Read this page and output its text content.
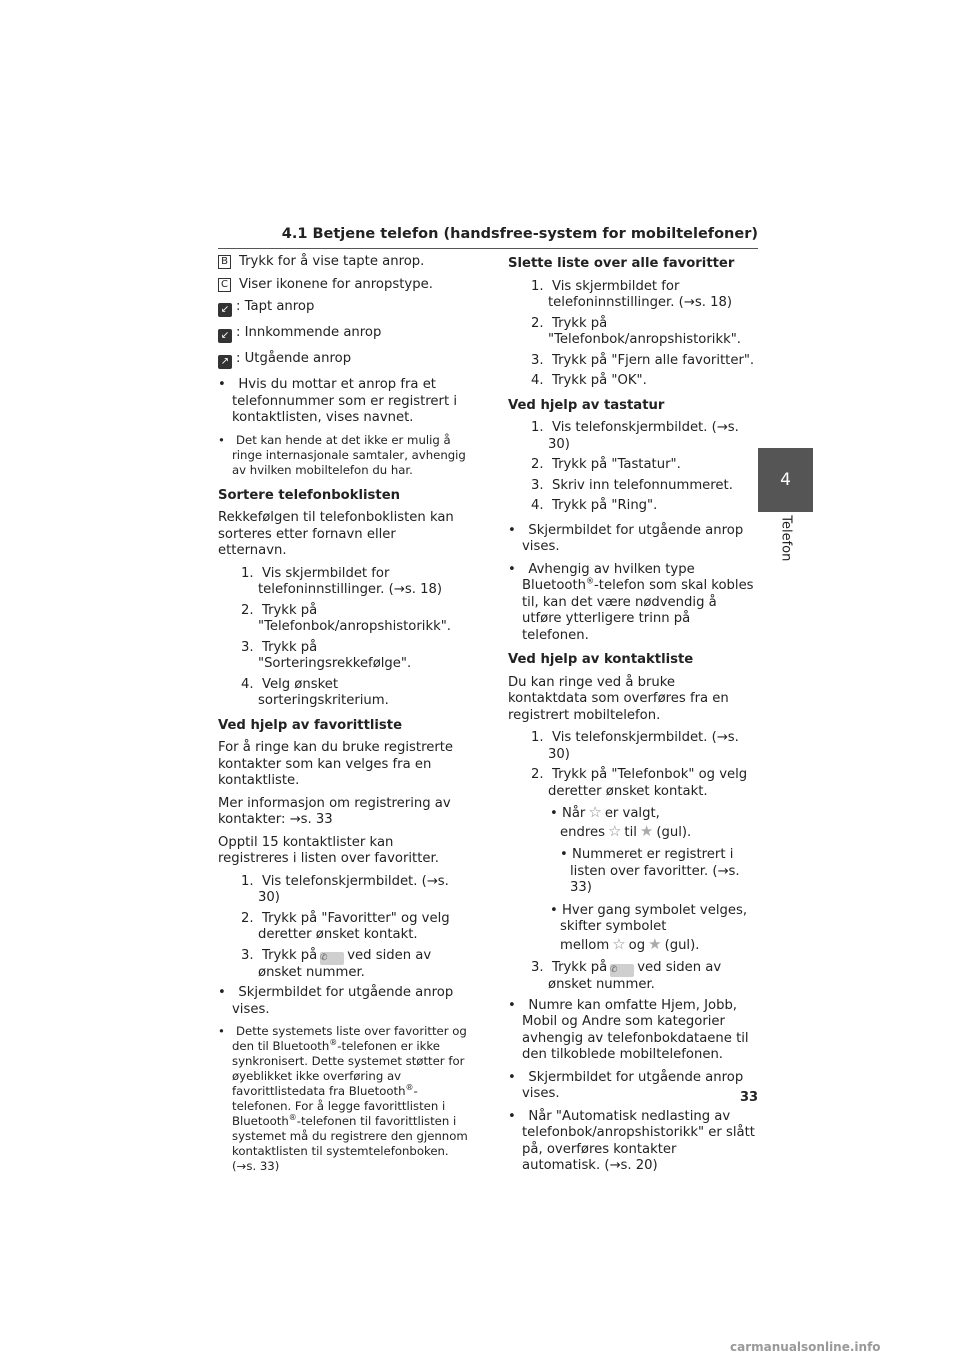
4.1 Betjene telefon (handsfree-system for mobiltelefoner)
4
Telefon

B Trykk for å vise tapte anrop.

C Viser ikonene for anropstype.

↙ : Tapt anrop

↙ : Innkommende anrop

↗ : Utgående anrop

•   Hvis du mottar et anrop fra et telefonnummer som er registrert i kontaktlisten, vises navnet.

•   Det kan hende at det ikke er mulig å ringe internasjonale samtaler, avhengig av hvilken mobiltelefon du har.

Sortere telefonboklisten

Rekkefølgen til telefonboklisten kan sorteres etter fornavn eller etternavn.

1.  Vis skjermbildet for telefoninnstillinger. (→s. 18)

2.  Trykk på "Telefonbok/anropshistorikk".

3.  Trykk på "Sorteringsrekkefølge".

4.  Velg ønsket sorteringskriterium.

Ved hjelp av favorittliste

For å ringe kan du bruke registrerte kontakter som kan velges fra en kontaktliste.

Mer informasjon om registrering av kontakter: →s. 33

Opptil 15 kontaktlister kan registreres i listen over favoritter.

1.  Vis telefonskjermbildet. (→s. 30)

2.  Trykk på "Favoritter" og velg deretter ønsket kontakt.

3.  Trykk på ✆ ved siden av ønsket nummer.

•   Skjermbildet for utgående anrop vises.

•   Dette systemets liste over favoritter og den til Bluetooth®-telefonen er ikke synkronisert. Dette systemet støtter for øyeblikket ikke overføring av favorittlistedata fra Bluetooth®-telefonen. For å legge favorittlisten i Bluetooth®-telefonen til favorittlisten i systemet må du registrere den gjennom kontaktlisten til systemtelefonboken. (→s. 33)

Slette liste over alle favoritter

1.  Vis skjermbildet for telefoninnstillinger. (→s. 18)

2.  Trykk på "Telefonbok/anropshistorikk".

3.  Trykk på "Fjern alle favoritter".

4.  Trykk på "OK".

Ved hjelp av tastatur

1.  Vis telefonskjermbildet. (→s. 30)

2.  Trykk på "Tastatur".

3.  Skriv inn telefonnummeret.

4.  Trykk på "Ring".

•   Skjermbildet for utgående anrop vises.

•   Avhengig av hvilken type Bluetooth®-telefon som skal kobles til, kan det være nødvendig å utføre ytterligere trinn på telefonen.

Ved hjelp av kontaktliste

Du kan ringe ved å bruke kontaktdata som overføres fra en registrert mobiltelefon.

1.  Vis telefonskjermbildet. (→s. 30)

2.  Trykk på "Telefonbok" og velg deretter ønsket kontakt.

• Når ☆ er valgt, endres ☆ til ★ (gul).

• Nummeret er registrert i listen over favoritter. (→s. 33)

• Hver gang symbolet velges, skifter symbolet mellom ☆ og ★ (gul).

3.  Trykk på ✆ ved siden av ønsket nummer.

•   Numre kan omfatte Hjem, Jobb, Mobil og Andre som kategorier avhengig av telefonbokdataene til den tilkoblede mobiltelefonen.

•   Skjermbildet for utgående anrop vises.

•   Når "Automatisk nedlasting av telefonbok/anropshistorikk" er slått på, overføres kontakter automatisk. (→s. 20)

33
carmanualsonline.info
